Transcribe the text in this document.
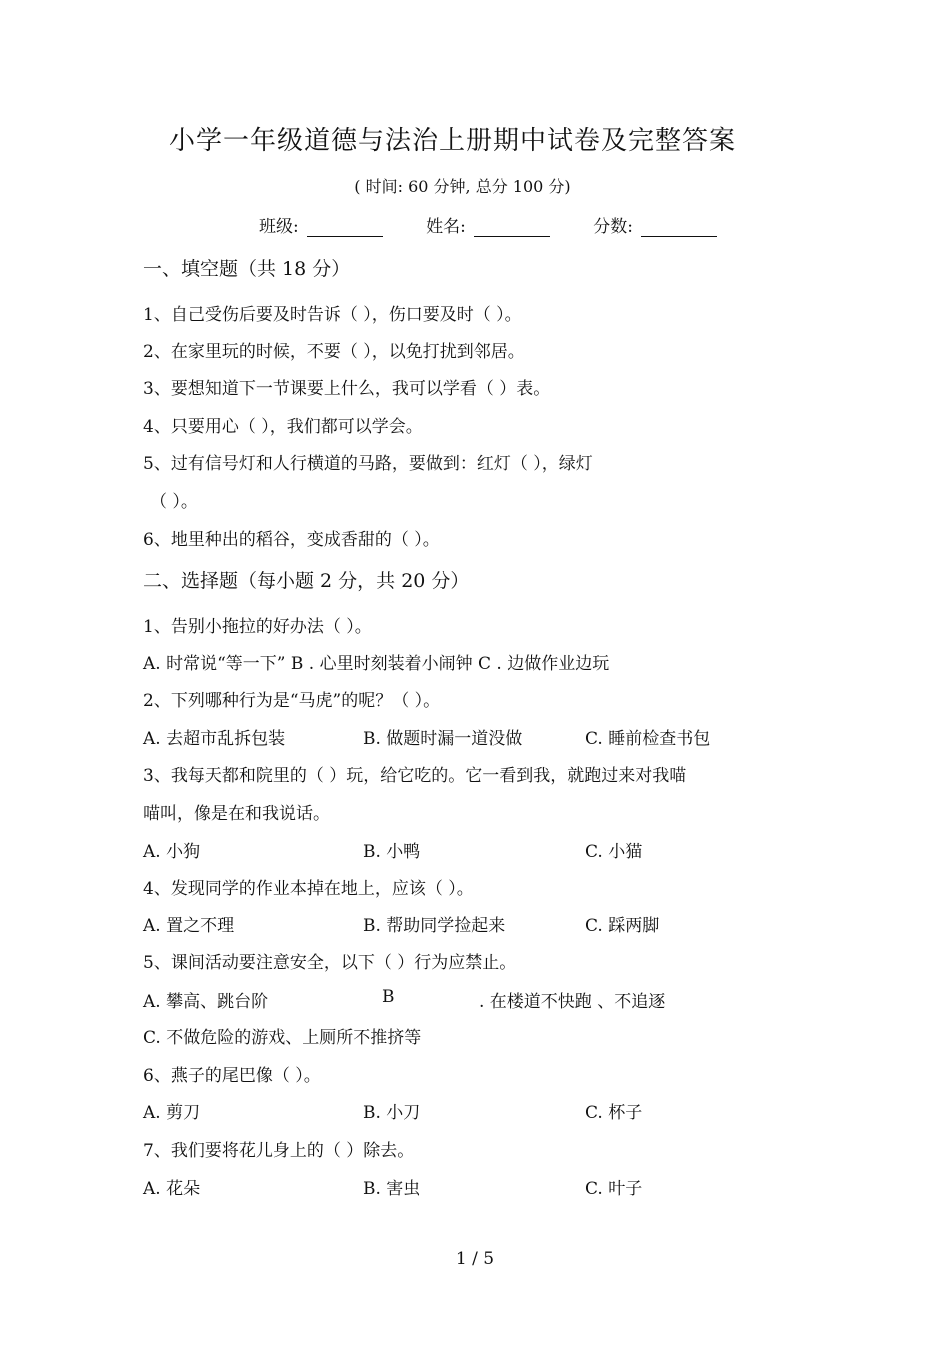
小学一年级道德与法治上册期中试卷及完整答案
( 时间: 60 分钟, 总分 100 分)
班级:	姓名:	分数:
一、填空题（共 18 分）
1、自己受伤后要及时告诉（ ），伤口要及时（ ）。
2、在家里玩的时候，不要（ ），以免打扰到邻居。
3、要想知道下一节课要上什么，我可以学看（ ）表。
4、只要用心（ ），我们都可以学会。
5、过有信号灯和人行横道的马路，要做到：红灯（ ），绿灯
（ ）。
6、地里种出的稻谷，变成香甜的（ ）。
二、选择题（每小题 2 分，共 20 分）
1、告别小拖拉的好办法（ ）。
A. 时常说“等一下” B . 心里时刻装着小闹钟 C . 边做作业边玩
2、下列哪种行为是“马虎”的呢？（ ）。
A. 去超市乱拆包装	B. 做题时漏一道没做	C. 睡前检查书包
3、我每天都和院里的（ ）玩，给它吃的。它一看到我，就跑过来对我喵
喵叫，像是在和我说话。
A. 小狗	B. 小鸭	C. 小猫
4、发现同学的作业本掉在地上，应该（ ）。
A. 置之不理	B. 帮助同学捡起来	C. 踩两脚
5、课间活动要注意安全，以下（ ）行为应禁止。
A. 攀高、跳台阶	B	. 在楼道不快跑 、不追逐
C. 不做危险的游戏、上厕所不推挤等
6、燕子的尾巴像（ ）。
A. 剪刀	B. 小刀	C. 杯子
7、我们要将花儿身上的（ ）除去。
A. 花朵	B. 害虫	C. 叶子
1 / 5
